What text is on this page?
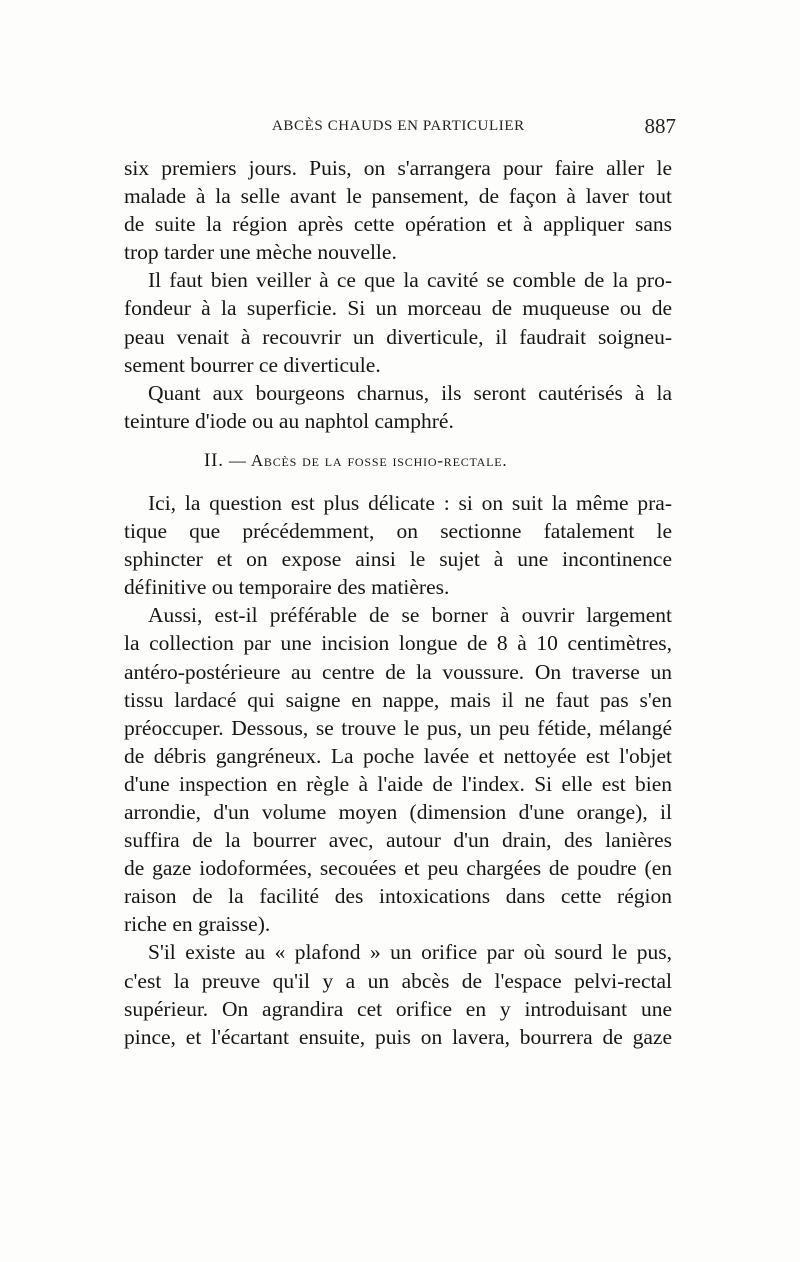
ABCÈS CHAUDS EN PARTICULIER	887
six premiers jours. Puis, on s'arrangera pour faire aller le
malade à la selle avant le pansement, de façon à laver tout
de suite la région après cette opération et à appliquer sans
trop tarder une mèche nouvelle.
Il faut bien veiller à ce que la cavité se comble de la pro-
fondeur à la superficie. Si un morceau de muqueuse ou de
peau venait à recouvrir un diverticule, il faudrait soigneu-
sement bourrer ce diverticule.
Quant aux bourgeons charnus, ils seront cautérisés à la
teinture d'iode ou au naphtol camphré.
II. — Abcès de la fosse ischio-rectale.
Ici, la question est plus délicate : si on suit la même pra-
tique que précédemment, on sectionne fatalement le
sphincter et on expose ainsi le sujet à une incontinence
définitive ou temporaire des matières.
Aussi, est-il préférable de se borner à ouvrir largement
la collection par une incision longue de 8 à 10 centimètres,
antéro-postérieure au centre de la voussure. On traverse un
tissu lardacé qui saigne en nappe, mais il ne faut pas s'en
préoccuper. Dessous, se trouve le pus, un peu fétide, mélangé
de débris gangréneux. La poche lavée et nettoyée est l'objet
d'une inspection en règle à l'aide de l'index. Si elle est bien
arrondie, d'un volume moyen (dimension d'une orange), il
suffira de la bourrer avec, autour d'un drain, des lanières
de gaze iodoformées, secouées et peu chargées de poudre (en
raison de la facilité des intoxications dans cette région
riche en graisse).
S'il existe au « plafond » un orifice par où sourd le pus,
c'est la preuve qu'il y a un abcès de l'espace pelvi-rectal
supérieur. On agrandira cet orifice en y introduisant une
pince, et l'écartant ensuite, puis on lavera, bourrera de gaze
